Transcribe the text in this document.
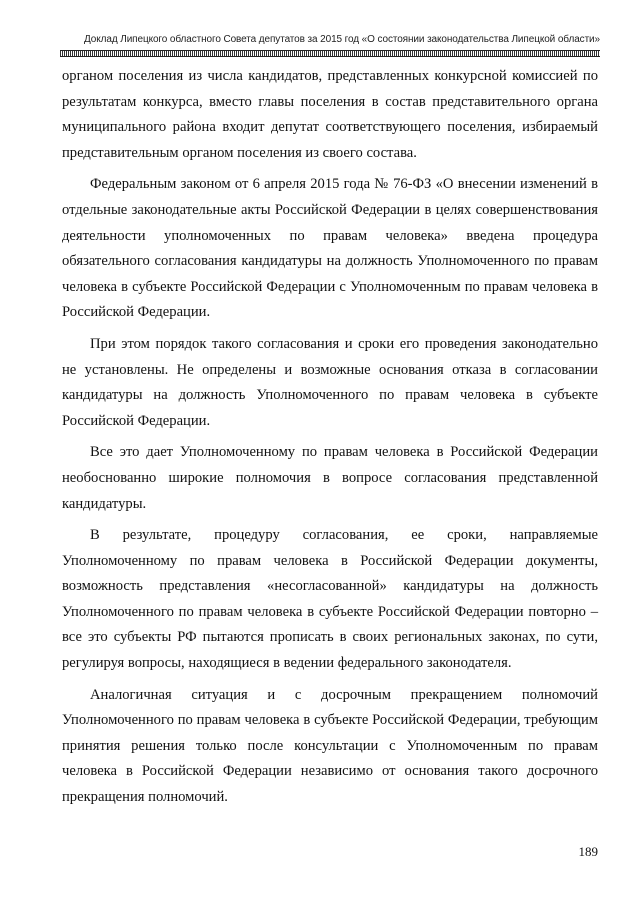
Доклад Липецкого областного Совета депутатов за 2015 год «О состоянии законодательства Липецкой области»

органом поселения из числа кандидатов, представленных конкурсной комиссией по результатам конкурса, вместо главы поселения в состав представительного органа муниципального района входит депутат соответствующего поселения, избираемый представительным органом поселения из своего состава.

Федеральным законом от 6 апреля 2015 года № 76-ФЗ «О внесении изменений в отдельные законодательные акты Российской Федерации в целях совершенствования деятельности уполномоченных по правам человека» введена процедура обязательного согласования кандидатуры на должность Уполномоченного по правам человека в субъекте Российской Федерации с Уполномоченным по правам человека в Российской Федерации.

При этом порядок такого согласования и сроки его проведения законодательно не установлены. Не определены и возможные основания отказа в согласовании кандидатуры на должность Уполномоченного по правам человека в субъекте Российской Федерации.

Все это дает Уполномоченному по правам человека в Российской Федерации необоснованно широкие полномочия в вопросе согласования представленной кандидатуры.

В результате, процедуру согласования, ее сроки, направляемые Уполномоченному по правам человека в Российской Федерации документы, возможность представления «несогласованной» кандидатуры на должность Уполномоченного по правам человека в субъекте Российской Федерации повторно – все это субъекты РФ пытаются прописать в своих региональных законах, по сути, регулируя вопросы, находящиеся в ведении федерального законодателя.

Аналогичная ситуация и с досрочным прекращением полномочий Уполномоченного по правам человека в субъекте Российской Федерации, требующим принятия решения только после консультации с Уполномоченным по правам человека в Российской Федерации независимо от основания такого досрочного прекращения полномочий.

189
